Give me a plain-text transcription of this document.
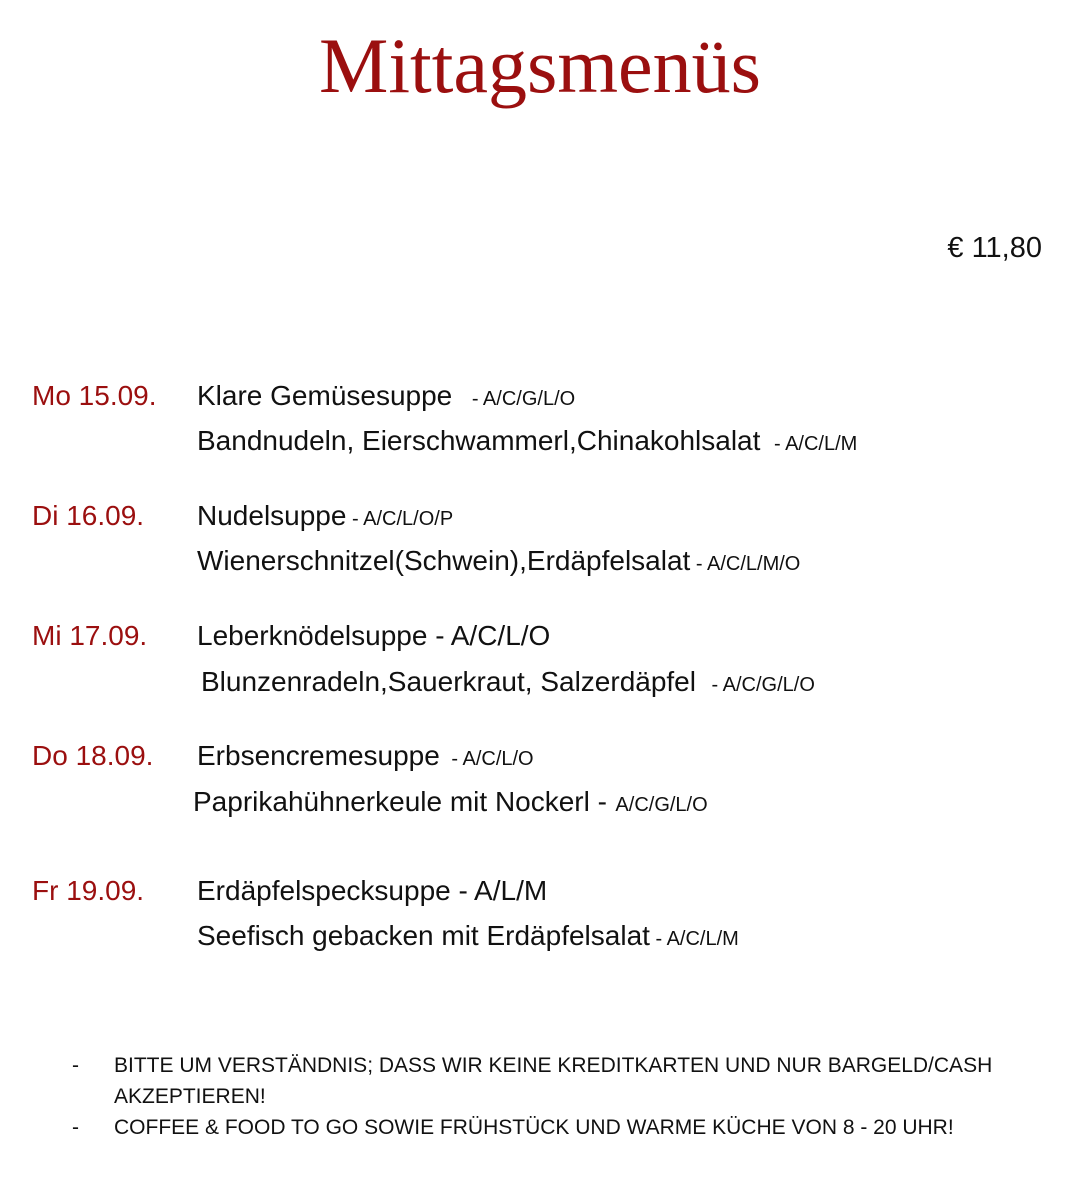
Mittagsmenüs
€ 11,80
Mo 15.09. Klare Gemüsesuppe - A/C/G/L/O
Bandnudeln, Eierschwammerl,Chinakohlsalat - A/C/L/M
Di 16.09. Nudelsuppe - A/C/L/O/P
Wienerschnitzel(Schwein),Erdäpfelsalat - A/C/L/M/O
Mi 17.09. Leberknödelsuppe - A/C/L/O
Blunzenradeln,Sauerkraut, Salzerdäpfel - A/C/G/L/O
Do 18.09. Erbsencremesuppe - A/C/L/O
Paprikahühnerkeule mit Nockerl - A/C/G/L/O
Fr 19.09. Erdäpfelspecksuppe - A/L/M
Seefisch gebacken mit Erdäpfelsalat - A/C/L/M
- BITTE UM VERSTÄNDNIS; DASS WIR KEINE KREDITKARTEN UND NUR BARGELD/CASH AKZEPTIEREN!
- COFFEE & FOOD TO GO SOWIE FRÜHSTÜCK UND WARME KÜCHE VON 8 - 20 UHR!
